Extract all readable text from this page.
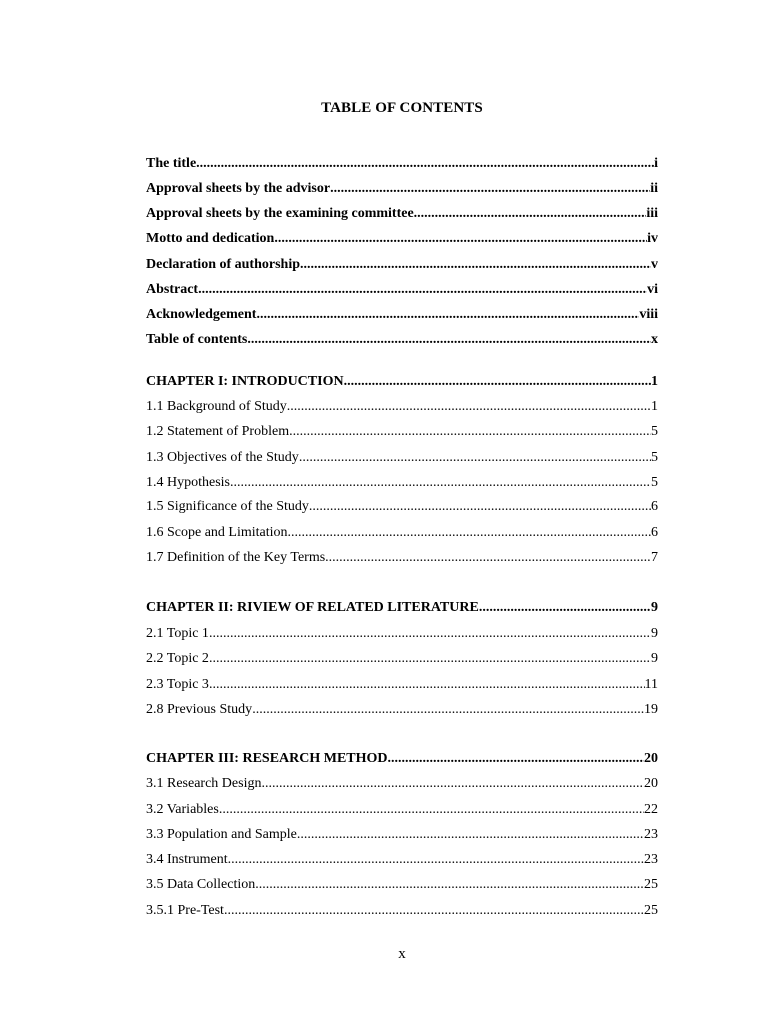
TABLE OF CONTENTS
The title .....	i
Approval sheets by the advisor .....	ii
Approval sheets by the examining committee .....	iii
Motto and dedication .....	iv
Declaration of authorship .....	v
Abstract .....	vi
Acknowledgement .....	viii
Table of contents .....	x
CHAPTER I: INTRODUCTION .....	1
1.1 Background of Study .....	1
1.2 Statement of Problem .....	5
1.3 Objectives of the Study .....	5
1.4 Hypothesis .....	5
1.5 Significance of the Study .....	6
1.6 Scope and Limitation .....	6
1.7 Definition of the Key Terms .....	7
CHAPTER II: RIVIEW OF RELATED LITERATURE .....	9
2.1 Topic 1 .....	9
2.2 Topic 2 .....	9
2.3 Topic 3 .....	11
2.8 Previous Study .....	19
CHAPTER III: RESEARCH METHOD .....	20
3.1 Research Design .....	20
3.2 Variables .....	22
3.3 Population and Sample .....	23
3.4 Instrument .....	23
3.5 Data Collection .....	25
3.5.1 Pre-Test .....	25
x
